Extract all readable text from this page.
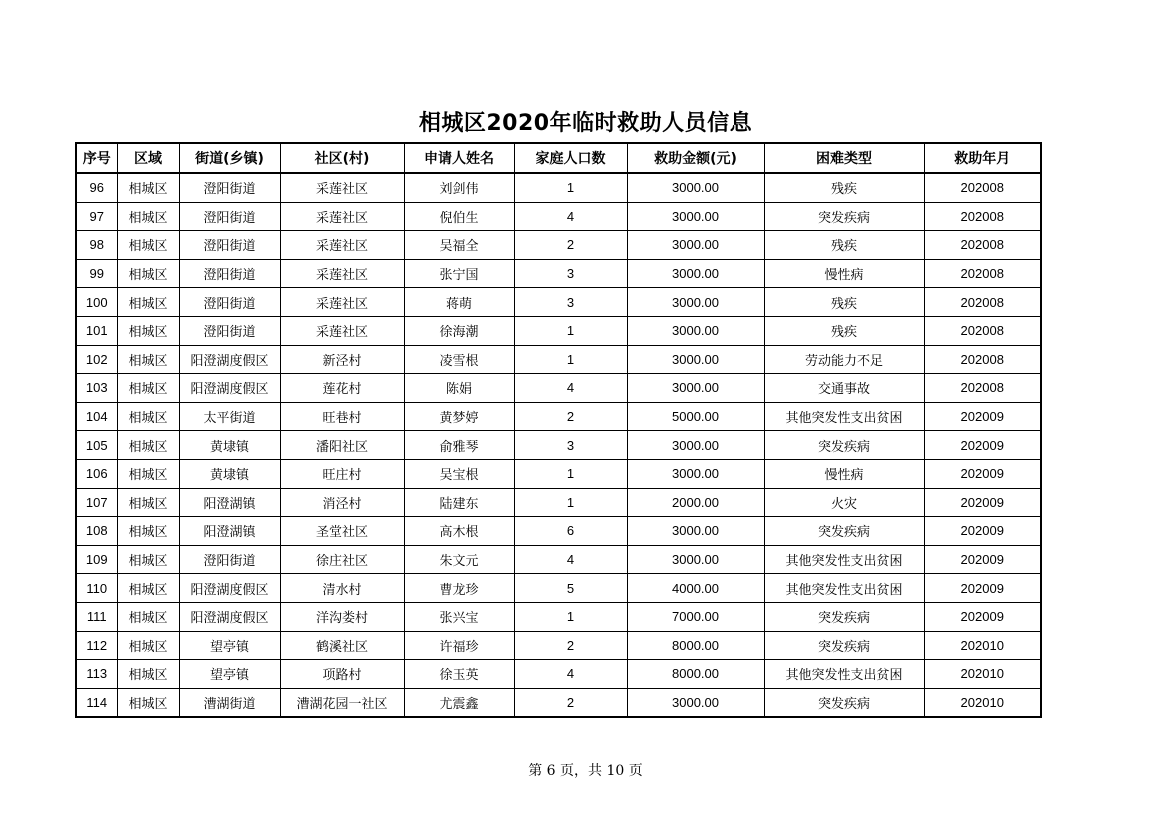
相城区2020年临时救助人员信息
序号	区域	街道(乡镇)	社区(村)	申请人姓名	家庭人口数	救助金额(元)	困难类型	救助年月
96	相城区	澄阳街道	采莲社区	刘剑伟	1	3000.00	残疾	202008
97	相城区	澄阳街道	采莲社区	倪伯生	4	3000.00	突发疾病	202008
98	相城区	澄阳街道	采莲社区	吴福全	2	3000.00	残疾	202008
99	相城区	澄阳街道	采莲社区	张宁国	3	3000.00	慢性病	202008
100	相城区	澄阳街道	采莲社区	蒋萌	3	3000.00	残疾	202008
101	相城区	澄阳街道	采莲社区	徐海潮	1	3000.00	残疾	202008
102	相城区	阳澄湖度假区	新泾村	凌雪根	1	3000.00	劳动能力不足	202008
103	相城区	阳澄湖度假区	莲花村	陈娟	4	3000.00	交通事故	202008
104	相城区	太平街道	旺巷村	黄梦婷	2	5000.00	其他突发性支出贫困	202009
105	相城区	黄埭镇	潘阳社区	俞雅琴	3	3000.00	突发疾病	202009
106	相城区	黄埭镇	旺庄村	吴宝根	1	3000.00	慢性病	202009
107	相城区	阳澄湖镇	消泾村	陆建东	1	2000.00	火灾	202009
108	相城区	阳澄湖镇	圣堂社区	高木根	6	3000.00	突发疾病	202009
109	相城区	澄阳街道	徐庄社区	朱文元	4	3000.00	其他突发性支出贫困	202009
110	相城区	阳澄湖度假区	清水村	曹龙珍	5	4000.00	其他突发性支出贫困	202009
111	相城区	阳澄湖度假区	洋沟娄村	张兴宝	1	7000.00	突发疾病	202009
112	相城区	望亭镇	鹤溪社区	许福珍	2	8000.00	突发疾病	202010
113	相城区	望亭镇	项路村	徐玉英	4	8000.00	其他突发性支出贫困	202010
114	相城区	漕湖街道	漕湖花园一社区	尤震鑫	2	3000.00	突发疾病	202010
第 6 页，共 10 页
